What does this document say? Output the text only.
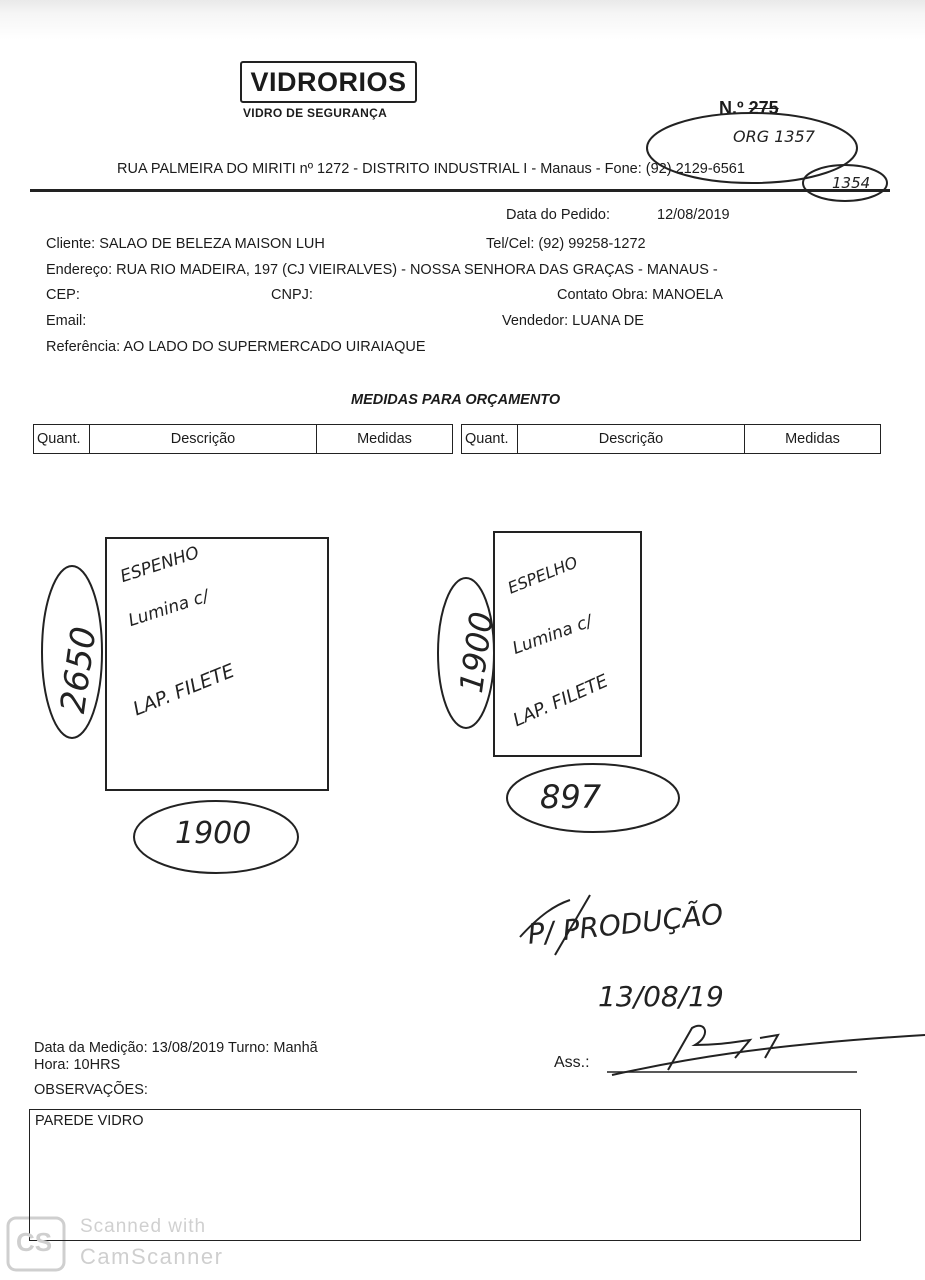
VIDRORIOS
VIDRO DE SEGURANÇA	N.º 275
RUA PALMEIRA DO MIRITI nº 1272 - DISTRITO INDUSTRIAL I - Manaus - Fone: (92) 2129-6561
Data do Pedido:	12/08/2019
Cliente: SALAO DE BELEZA MAISON LUH	Tel/Cel: (92) 99258-1272
Endereço: RUA RIO MADEIRA, 197 (CJ VIEIRALVES) - NOSSA SENHORA DAS GRAÇAS - MANAUS -
CEP:	CNPJ:	Contato Obra: MANOELA
Email:	Vendedor: LUANA DE
Referência: AO LADO DO SUPERMERCADO UIRAIAQUE
MEDIDAS PARA ORÇAMENTO
Quant.	Descrição	Medidas	Quant.	Descrição	Medidas
ESPENHO
Lumina c/
LAP. FILETE
2650
1900
ESPELHO
Lumina c/
LAP. FILETE
1900
897
ORG 1357
1354
P/ PRODUÇÃO
13/08/19
Data da Medição: 13/08/2019 Turno: Manhã
Hora: 10HRS
OBSERVAÇÕES:
Ass.:
PAREDE VIDRO
CS
Scanned with
CamScanner
